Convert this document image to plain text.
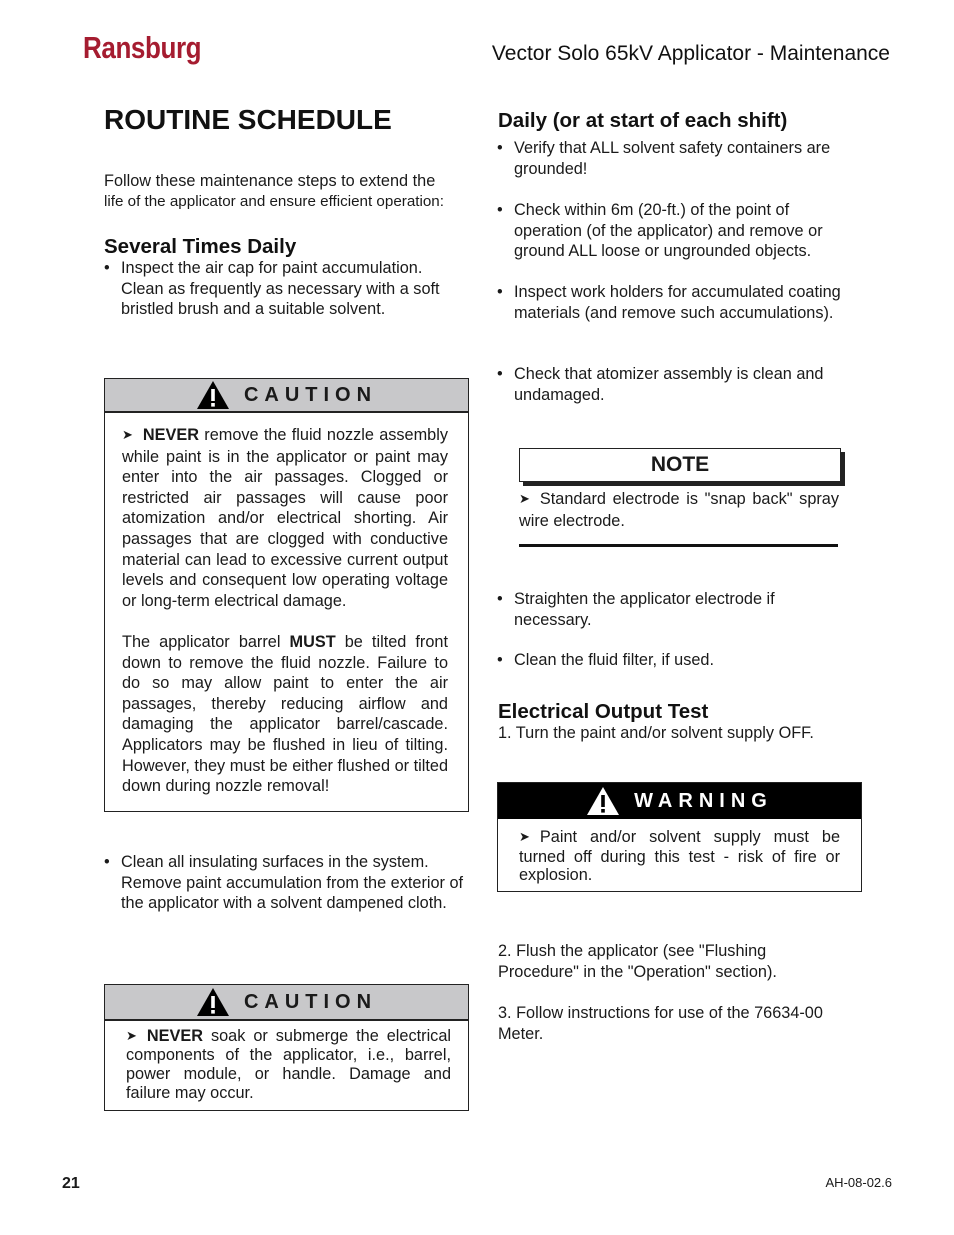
Ransburg	Vector Solo 65kV Applicator - Maintenance
ROUTINE SCHEDULE
Follow these maintenance steps to extend the
life of the applicator and ensure efficient operation:
Several Times Daily
• Inspect the air cap for paint accumulation. Clean as frequently as necessary with a soft bristled brush and a suitable solvent.
CAUTION
➤ NEVER remove the fluid nozzle assembly while paint is in the applicator or paint may enter into the air passages. Clogged or restricted air passages will cause poor atomization and/or electrical shorting. Air passages that are clogged with conductive material can lead to excessive current output levels and consequent low operating voltage or long-term electrical damage.
The applicator barrel MUST be tilted front down to remove the fluid nozzle. Failure to do so may allow paint to enter the air passages, thereby reducing airflow and damaging the applicator barrel/cascade. Applicators may be flushed in lieu of tilting. However, they must be either flushed or tilted down during nozzle removal!
• Clean all insulating surfaces in the system. Remove paint accumulation from the exterior of the applicator with a solvent dampened cloth.
CAUTION
➤ NEVER soak or submerge the electrical components of the applicator, i.e., barrel, power module, or handle. Damage and failure may occur.
Daily (or at start of each shift)
• Verify that ALL solvent safety containers are grounded!
• Check within 6m (20-ft.) of the point of operation (of the applicator) and remove or ground ALL loose or ungrounded objects.
• Inspect work holders for accumulated coating materials (and remove such accumulations).
• Check that atomizer assembly is clean and undamaged.
NOTE
➤ Standard electrode is "snap back" spray wire electrode.
• Straighten the applicator electrode if necessary.
• Clean the fluid filter, if used.
Electrical Output Test
1. Turn the paint and/or solvent supply OFF.
WARNING
➤ Paint and/or solvent supply must be turned off during this test - risk of fire or explosion.
2. Flush the applicator (see "Flushing Procedure" in the "Operation" section).
3. Follow instructions for use of the 76634-00 Meter.
21	AH-08-02.6
